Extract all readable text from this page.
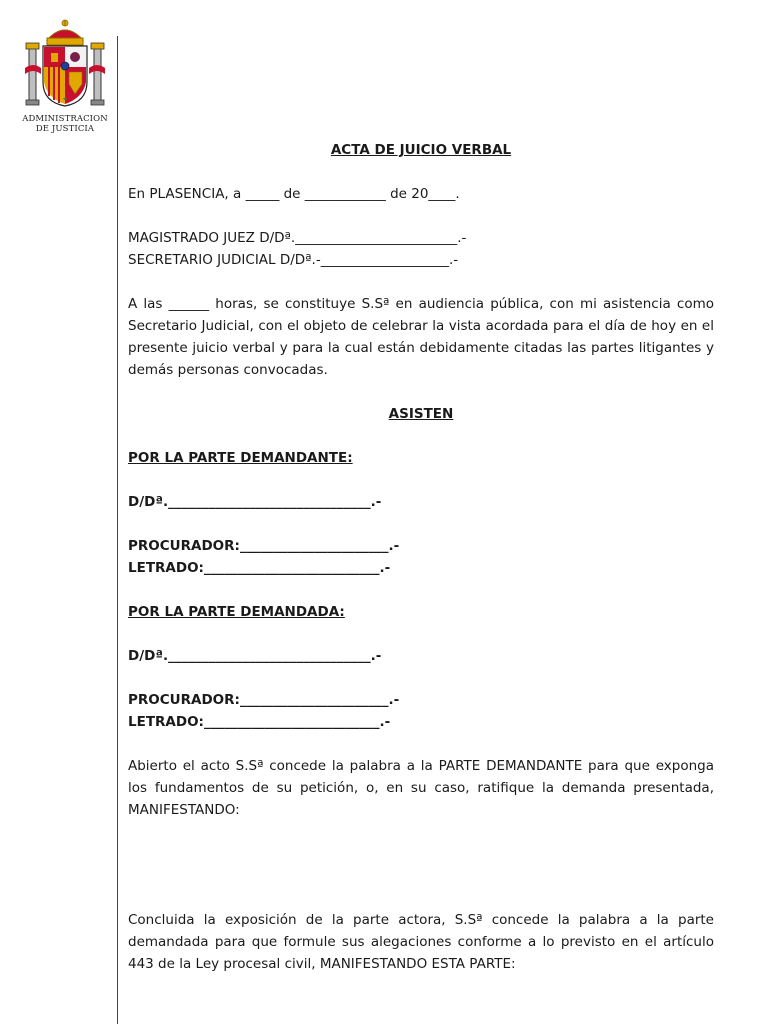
ADMINISTRACION
DE JUSTICIA

ACTA DE JUICIO VERBAL

En PLASENCIA, a _____ de ____________ de 20____.

MAGISTRADO JUEZ D/Dª.________________________.-

SECRETARIO JUDICIAL D/Dª.-___________________.-

A las ______ horas, se constituye S.Sª en audiencia pública, con mi asistencia como Secretario Judicial, con el objeto de celebrar la vista acordada para el día de hoy en el presente juicio verbal y para la cual están debidamente citadas las partes litigantes y demás personas convocadas.

ASISTEN

POR LA PARTE DEMANDANTE:

D/Dª.______________________________.-

PROCURADOR:______________________.-

LETRADO:__________________________.-

POR LA PARTE DEMANDADA:

D/Dª.______________________________.-

PROCURADOR:______________________.-

LETRADO:__________________________.-

Abierto el acto S.Sª concede la palabra a la PARTE DEMANDANTE para que exponga los fundamentos de su petición, o, en su caso, ratifique la demanda presentada, MANIFESTANDO:

Concluida la exposición de la parte actora, S.Sª concede la palabra a la parte demandada para que formule sus alegaciones conforme a lo previsto en el artículo 443 de la Ley procesal civil, MANIFESTANDO ESTA PARTE:
